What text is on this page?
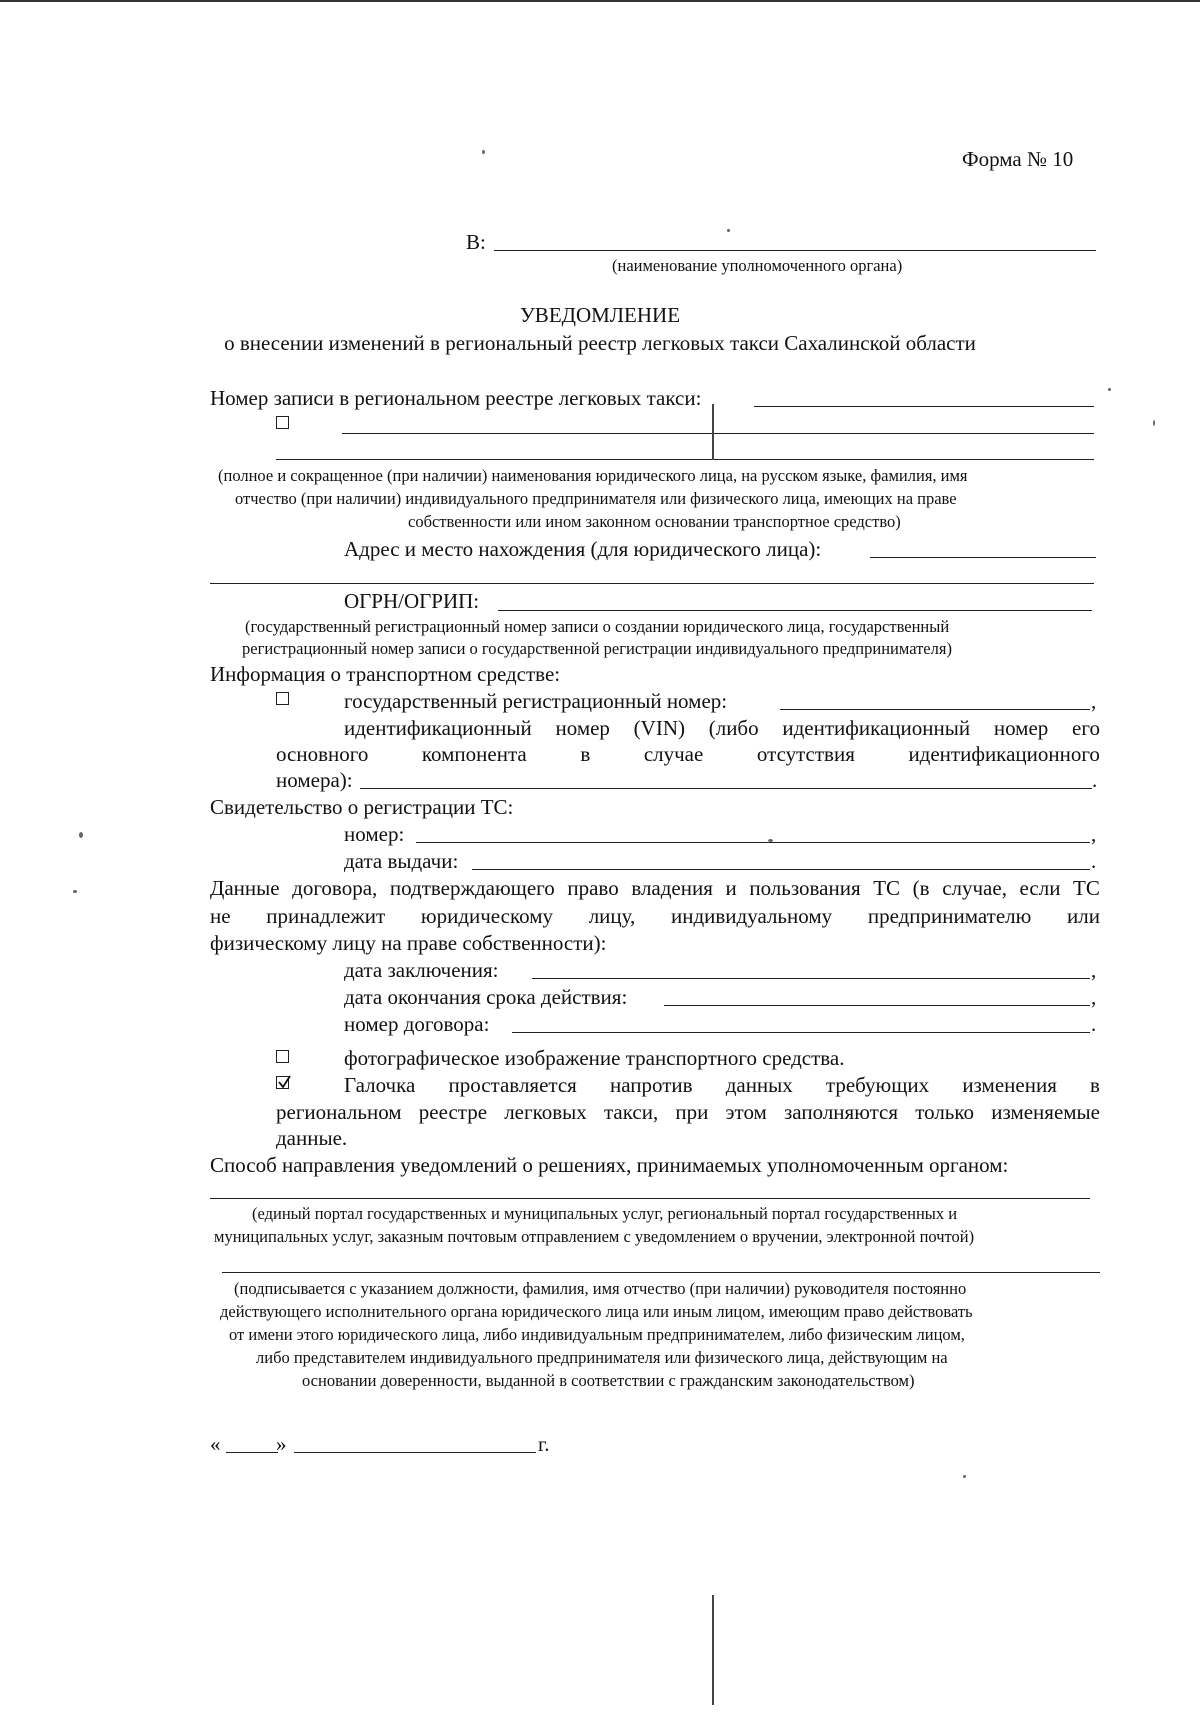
Форма № 10
В:
(наименование уполномоченного органа)
УВЕДОМЛЕНИЕ
о внесении изменений в региональный реестр легковых такси Сахалинской области
Номер записи в региональном реестре легковых такси:
(полное и сокращенное (при наличии) наименования юридического лица, на русском языке, фамилия, имя
отчество (при наличии) индивидуального предпринимателя или физического лица, имеющих на праве
собственности или ином законном основании транспортное средство)
Адрес и место нахождения (для юридического лица):
ОГРН/ОГРИП:
(государственный регистрационный номер записи о создании юридического лица, государственный
регистрационный номер записи о государственной регистрации индивидуального предпринимателя)
Информация о транспортном средстве:
государственный регистрационный номер:	,
идентификационный номер (VIN) (либо идентификационный номер его
основного	компонента	в	случае	отсутствия	идентификационного
номера):	.
Свидетельство о регистрации ТС:
номер:	,
дата выдачи:	.
Данные договора, подтверждающего право владения и пользования ТС (в случае, если ТС
не принадлежит юридическому лицу, индивидуальному предпринимателю или
физическому лицу на праве собственности):
дата заключения:	,
дата окончания срока действия:	,
номер договора:	.
фотографическое изображение транспортного средства.
Галочка проставляется напротив данных требующих изменения в
региональном реестре легковых такси, при этом заполняются только изменяемые
данные.
Способ направления уведомлений о решениях, принимаемых уполномоченным органом:
(единый портал государственных и муниципальных услуг, региональный портал государственных и
муниципальных услуг, заказным почтовым отправлением с уведомлением о вручении, электронной почтой)
(подписывается с указанием должности, фамилия, имя отчество (при наличии) руководителя постоянно
действующего исполнительного органа юридического лица или иным лицом, имеющим право действовать
от имени этого юридического лица, либо индивидуальным предпринимателем, либо физическим лицом,
либо представителем индивидуального предпринимателя или физического лица, действующим на
основании доверенности, выданной в соответствии с гражданским законодательством)
«	»	г.
